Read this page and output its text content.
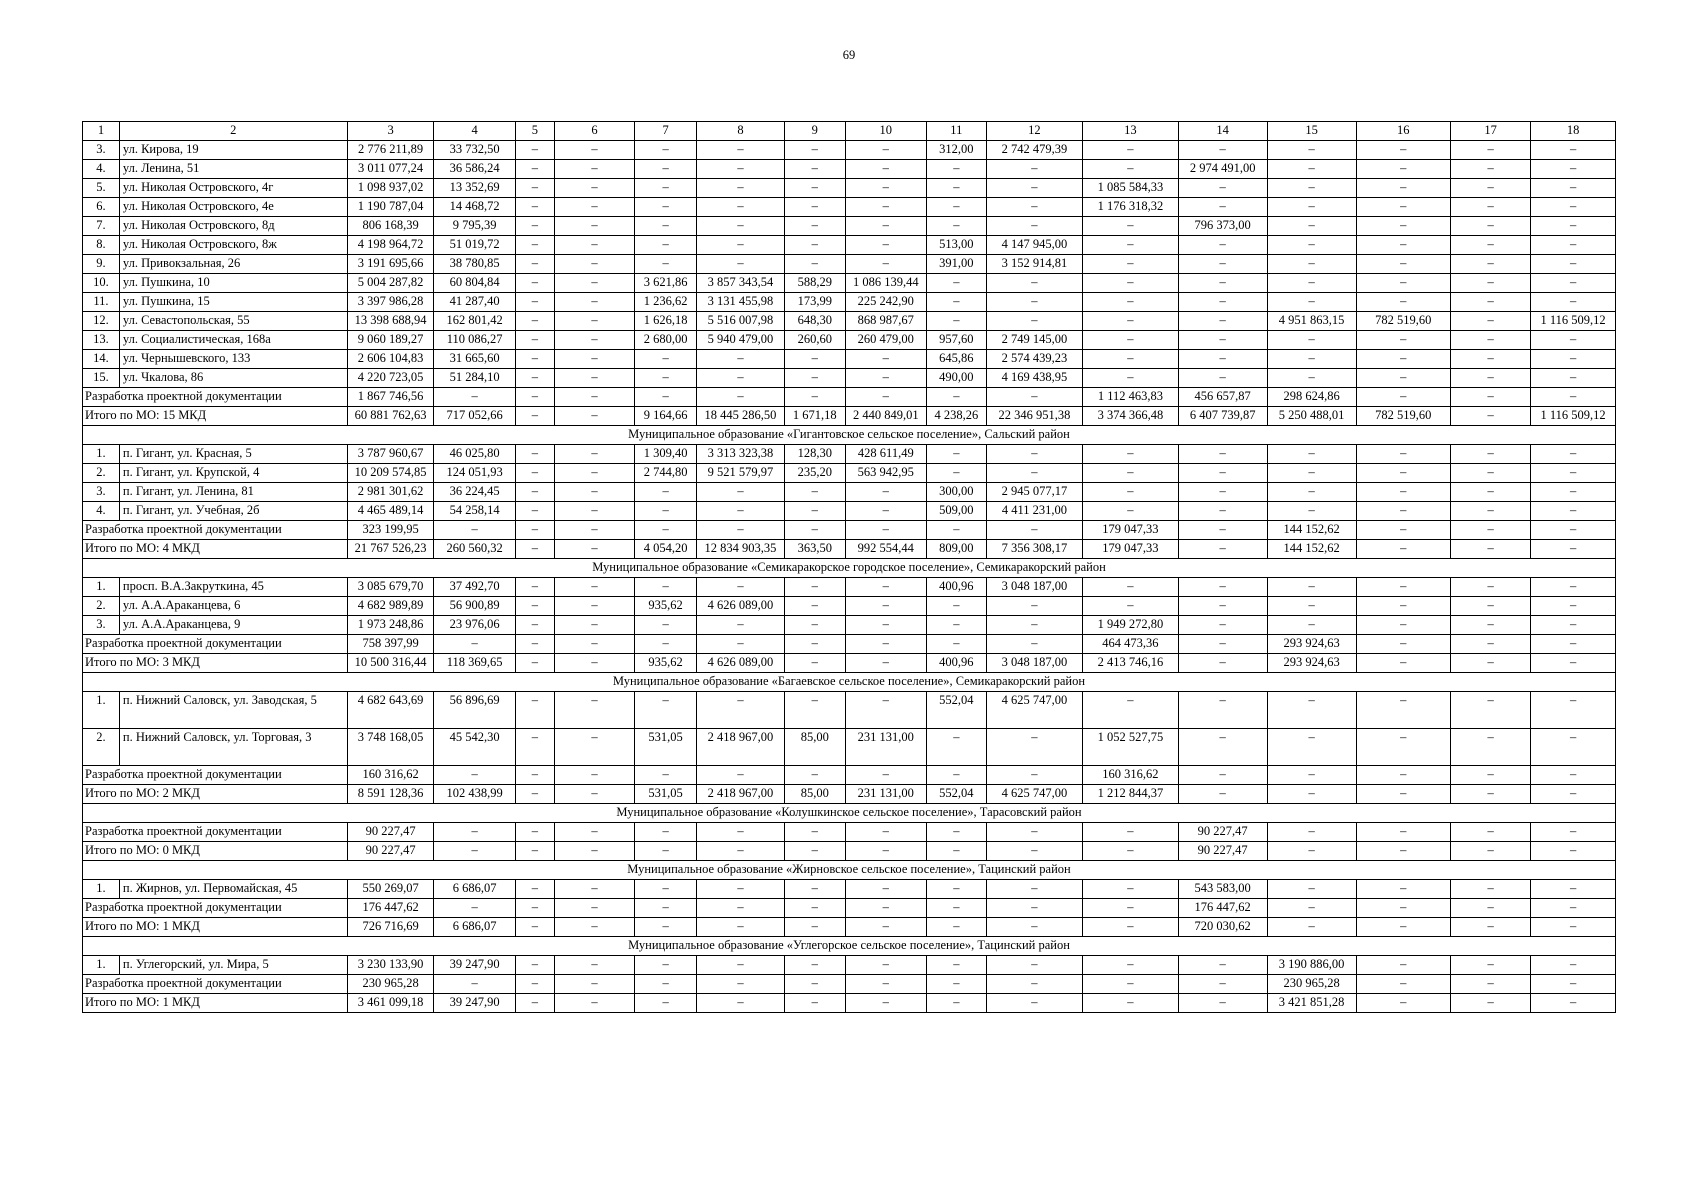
69
1	2	3	4	5	6	7	8	9	10	11	12	13	14	15	16	17	18
3.	ул. Кирова, 19	2 776 211,89	33 732,50	–	–	–	–	–	–	312,00	2 742 479,39	–	–	–	–	–	–
4.	ул. Ленина, 51	3 011 077,24	36 586,24	–	–	–	–	–	–	–	–	–	2 974 491,00	–	–	–	–
5.	ул. Николая Островского, 4г	1 098 937,02	13 352,69	–	–	–	–	–	–	–	–	1 085 584,33	–	–	–	–	–
6.	ул. Николая Островского, 4е	1 190 787,04	14 468,72	–	–	–	–	–	–	–	–	1 176 318,32	–	–	–	–	–
7.	ул. Николая Островского, 8д	806 168,39	9 795,39	–	–	–	–	–	–	–	–	–	796 373,00	–	–	–	–
8.	ул. Николая Островского, 8ж	4 198 964,72	51 019,72	–	–	–	–	–	–	513,00	4 147 945,00	–	–	–	–	–	–
9.	ул. Привокзальная, 26	3 191 695,66	38 780,85	–	–	–	–	–	–	391,00	3 152 914,81	–	–	–	–	–	–
10.	ул. Пушкина, 10	5 004 287,82	60 804,84	–	–	3 621,86	3 857 343,54	588,29	1 086 139,44	–	–	–	–	–	–	–	–
11.	ул. Пушкина, 15	3 397 986,28	41 287,40	–	–	1 236,62	3 131 455,98	173,99	225 242,90	–	–	–	–	–	–	–	–
12.	ул. Севастопольская, 55	13 398 688,94	162 801,42	–	–	1 626,18	5 516 007,98	648,30	868 987,67	–	–	–	–	4 951 863,15	782 519,60	–	1 116 509,12
13.	ул. Социалистическая, 168а	9 060 189,27	110 086,27	–	–	2 680,00	5 940 479,00	260,60	260 479,00	957,60	2 749 145,00	–	–	–	–	–	–
14.	ул. Чернышевского, 133	2 606 104,83	31 665,60	–	–	–	–	–	–	645,86	2 574 439,23	–	–	–	–	–	–
15.	ул. Чкалова, 86	4 220 723,05	51 284,10	–	–	–	–	–	–	490,00	4 169 438,95	–	–	–	–	–	–
Разработка проектной документации		1 867 746,56	–	–	–	–	–	–	–	–	–	1 112 463,83	456 657,87	298 624,86	–	–	–
Итого по МО: 15 МКД		60 881 762,63	717 052,66	–	–	9 164,66	18 445 286,50	1 671,18	2 440 849,01	4 238,26	22 346 951,38	3 374 366,48	6 407 739,87	5 250 488,01	782 519,60	–	1 116 509,12
Муниципальное образование «Гигантовское сельское поселение», Сальский район																	
1.	п. Гигант, ул. Красная, 5	3 787 960,67	46 025,80	–	–	1 309,40	3 313 323,38	128,30	428 611,49	–	–	–	–	–	–	–	–
2.	п. Гигант, ул. Крупской, 4	10 209 574,85	124 051,93	–	–	2 744,80	9 521 579,97	235,20	563 942,95	–	–	–	–	–	–	–	–
3.	п. Гигант, ул. Ленина, 81	2 981 301,62	36 224,45	–	–	–	–	–	–	300,00	2 945 077,17	–	–	–	–	–	–
4.	п. Гигант, ул. Учебная, 2б	4 465 489,14	54 258,14	–	–	–	–	–	–	509,00	4 411 231,00	–	–	–	–	–	–
Разработка проектной документации		323 199,95	–	–	–	–	–	–	–	–	–	179 047,33	–	144 152,62	–	–	–
Итого по МО: 4 МКД		21 767 526,23	260 560,32	–	–	4 054,20	12 834 903,35	363,50	992 554,44	809,00	7 356 308,17	179 047,33	–	144 152,62	–	–	–
Муниципальное образование «Семикаракорское городское поселение», Семикаракорский район																	
1.	просп. В.А.Закруткина, 45	3 085 679,70	37 492,70	–	–	–	–	–	–	400,96	3 048 187,00	–	–	–	–	–	–
2.	ул. А.А.Араканцева, 6	4 682 989,89	56 900,89	–	–	935,62	4 626 089,00	–	–	–	–	–	–	–	–	–	–
3.	ул. А.А.Араканцева, 9	1 973 248,86	23 976,06	–	–	–	–	–	–	–	–	1 949 272,80	–	–	–	–	–
Разработка проектной документации		758 397,99	–	–	–	–	–	–	–	–	–	464 473,36	–	293 924,63	–	–	–
Итого по МО: 3 МКД		10 500 316,44	118 369,65	–	–	935,62	4 626 089,00	–	–	400,96	3 048 187,00	2 413 746,16	–	293 924,63	–	–	–
Муниципальное образование «Багаевское сельское поселение», Семикаракорский район																	
1.	п. Нижний Саловск, ул. Заводская, 5	4 682 643,69	56 896,69	–	–	–	–	–	–	552,04	4 625 747,00	–	–	–	–	–	–
2.	п. Нижний Саловск, ул. Торговая, 3	3 748 168,05	45 542,30	–	–	531,05	2 418 967,00	85,00	231 131,00	–	–	1 052 527,75	–	–	–	–	–
Разработка проектной документации		160 316,62	–	–	–	–	–	–	–	–	–	160 316,62	–	–	–	–	–
Итого по МО: 2 МКД		8 591 128,36	102 438,99	–	–	531,05	2 418 967,00	85,00	231 131,00	552,04	4 625 747,00	1 212 844,37	–	–	–	–	–
Муниципальное образование «Колушкинское сельское поселение», Тарасовский район																	
Разработка проектной документации		90 227,47	–	–	–	–	–	–	–	–	–	–	90 227,47	–	–	–	–
Итого по МО: 0 МКД		90 227,47	–	–	–	–	–	–	–	–	–	–	90 227,47	–	–	–	–
Муниципальное образование «Жирновское сельское поселение», Тацинский район																	
1.	п. Жирнов, ул. Первомайская, 45	550 269,07	6 686,07	–	–	–	–	–	–	–	–	–	543 583,00	–	–	–	–
Разработка проектной документации		176 447,62	–	–	–	–	–	–	–	–	–	–	176 447,62	–	–	–	–
Итого по МО: 1 МКД		726 716,69	6 686,07	–	–	–	–	–	–	–	–	–	720 030,62	–	–	–	–
Муниципальное образование «Углегорское сельское поселение», Тацинский район																	
1.	п. Углегорский, ул. Мира, 5	3 230 133,90	39 247,90	–	–	–	–	–	–	–	–	–	–	3 190 886,00	–	–	–
Разработка проектной документации		230 965,28	–	–	–	–	–	–	–	–	–	–	–	230 965,28	–	–	–
Итого по МО: 1 МКД		3 461 099,18	39 247,90	–	–	–	–	–	–	–	–	–	–	3 421 851,28	–	–	–
